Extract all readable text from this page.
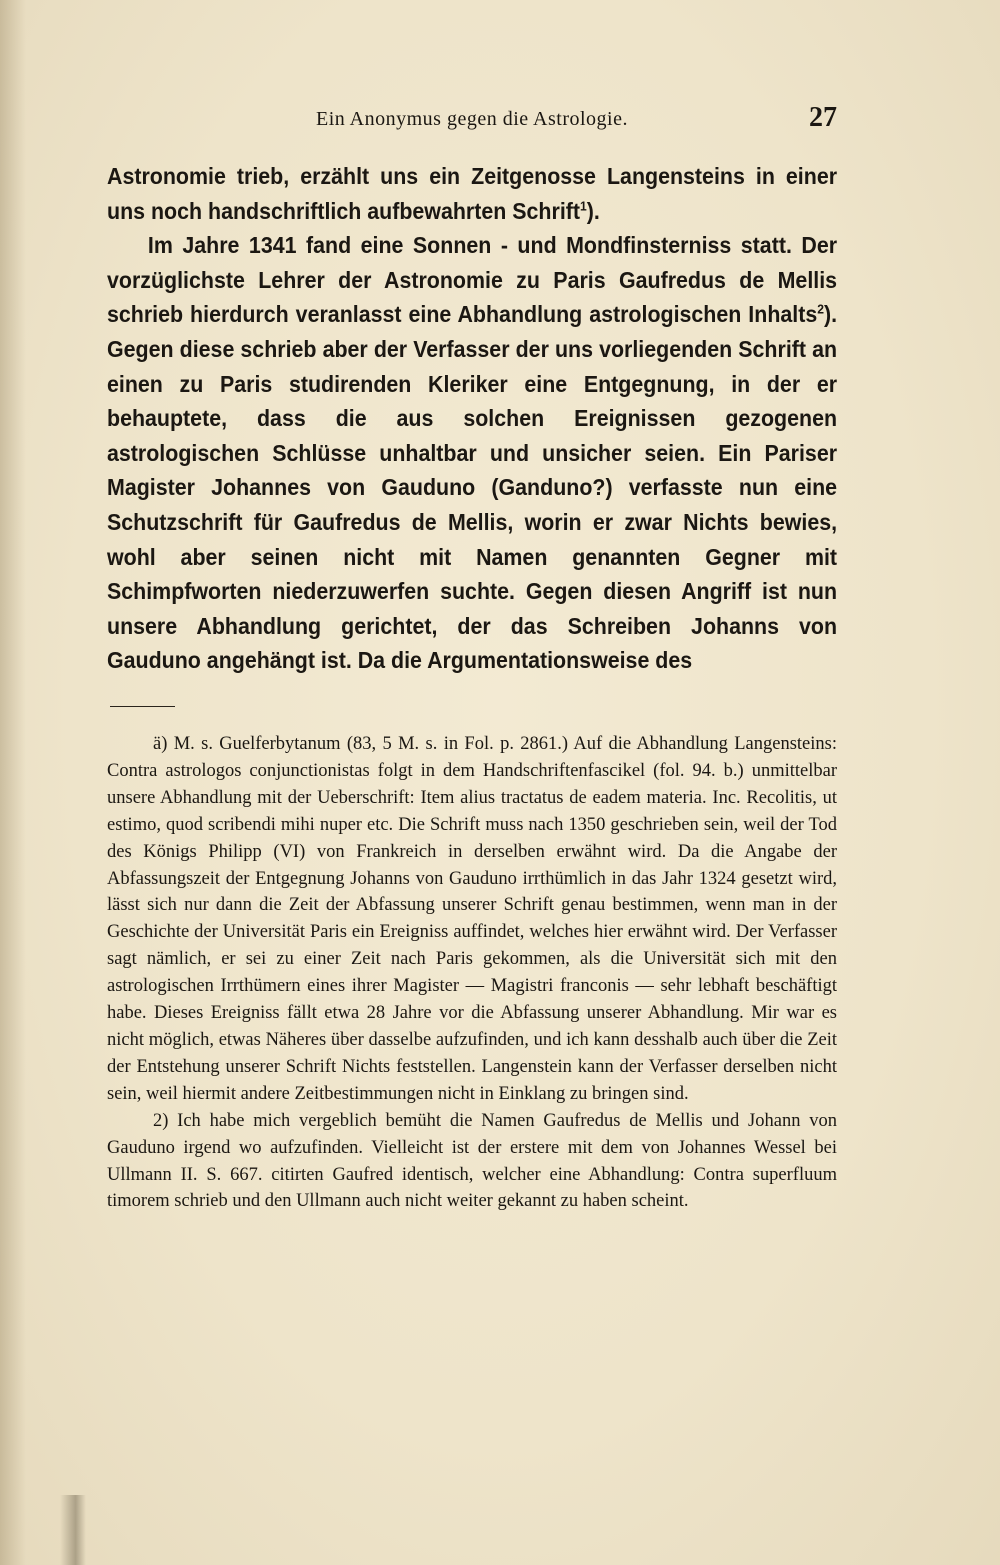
Ein Anonymus gegen die Astrologie.	27

Astronomie trieb, erzählt uns ein Zeitgenosse Langensteins in einer uns noch handschriftlich aufbewahrten Schrift$^1$).

Im Jahre 1341 fand eine Sonnen - und Mondfinsterniss statt. Der vorzüglichste Lehrer der Astronomie zu Paris Gaufredus de Mellis schrieb hierdurch veranlasst eine Abhandlung astrologischen Inhalts$^2$). Gegen diese schrieb aber der Verfasser der uns vorliegenden Schrift an einen zu Paris studirenden Kleriker eine Entgegnung, in der er behauptete, dass die aus solchen Ereignissen gezogenen astrologischen Schlüsse unhaltbar und unsicher seien. Ein Pariser Magister Johannes von Gauduno (Ganduno?) verfasste nun eine Schutzschrift für Gaufredus de Mellis, worin er zwar Nichts bewies, wohl aber seinen nicht mit Namen genannten Gegner mit Schimpfworten niederzuwerfen suchte. Gegen diesen Angriff ist nun unsere Abhandlung gerichtet, der das Schreiben Johanns von Gauduno angehängt ist. Da die Argumentationsweise des

ä) M. s. Guelferbytanum (83, 5 M. s. in Fol. p. 2861.) Auf die Abhandlung Langensteins: Contra astrologos conjunctionistas folgt in dem Handschriftenfascikel (fol. 94. b.) unmittelbar unsere Abhandlung mit der Ueberschrift: Item alius tractatus de eadem materia. Inc. Recolitis, ut estimo, quod scribendi mihi nuper etc. Die Schrift muss nach 1350 geschrieben sein, weil der Tod des Königs Philipp (VI) von Frankreich in derselben erwähnt wird. Da die Angabe der Abfassungszeit der Entgegnung Johanns von Gauduno irrthümlich in das Jahr 1324 gesetzt wird, lässt sich nur dann die Zeit der Abfassung unserer Schrift genau bestimmen, wenn man in der Geschichte der Universität Paris ein Ereigniss auffindet, welches hier erwähnt wird. Der Verfasser sagt nämlich, er sei zu einer Zeit nach Paris gekommen, als die Universität sich mit den astrologischen Irrthümern eines ihrer Magister — Magistri franconis — sehr lebhaft beschäftigt habe. Dieses Ereigniss fällt etwa 28 Jahre vor die Abfassung unserer Abhandlung. Mir war es nicht möglich, etwas Näheres über dasselbe aufzufinden, und ich kann desshalb auch über die Zeit der Entstehung unserer Schrift Nichts feststellen. Langenstein kann der Verfasser derselben nicht sein, weil hiermit andere Zeitbestimmungen nicht in Einklang zu bringen sind.

2) Ich habe mich vergeblich bemüht die Namen Gaufredus de Mellis und Johann von Gauduno irgend wo aufzufinden. Vielleicht ist der erstere mit dem von Johannes Wessel bei Ullmann II. S. 667. citirten Gaufred identisch, welcher eine Abhandlung: Contra superfluum timorem schrieb und den Ullmann auch nicht weiter gekannt zu haben scheint.
